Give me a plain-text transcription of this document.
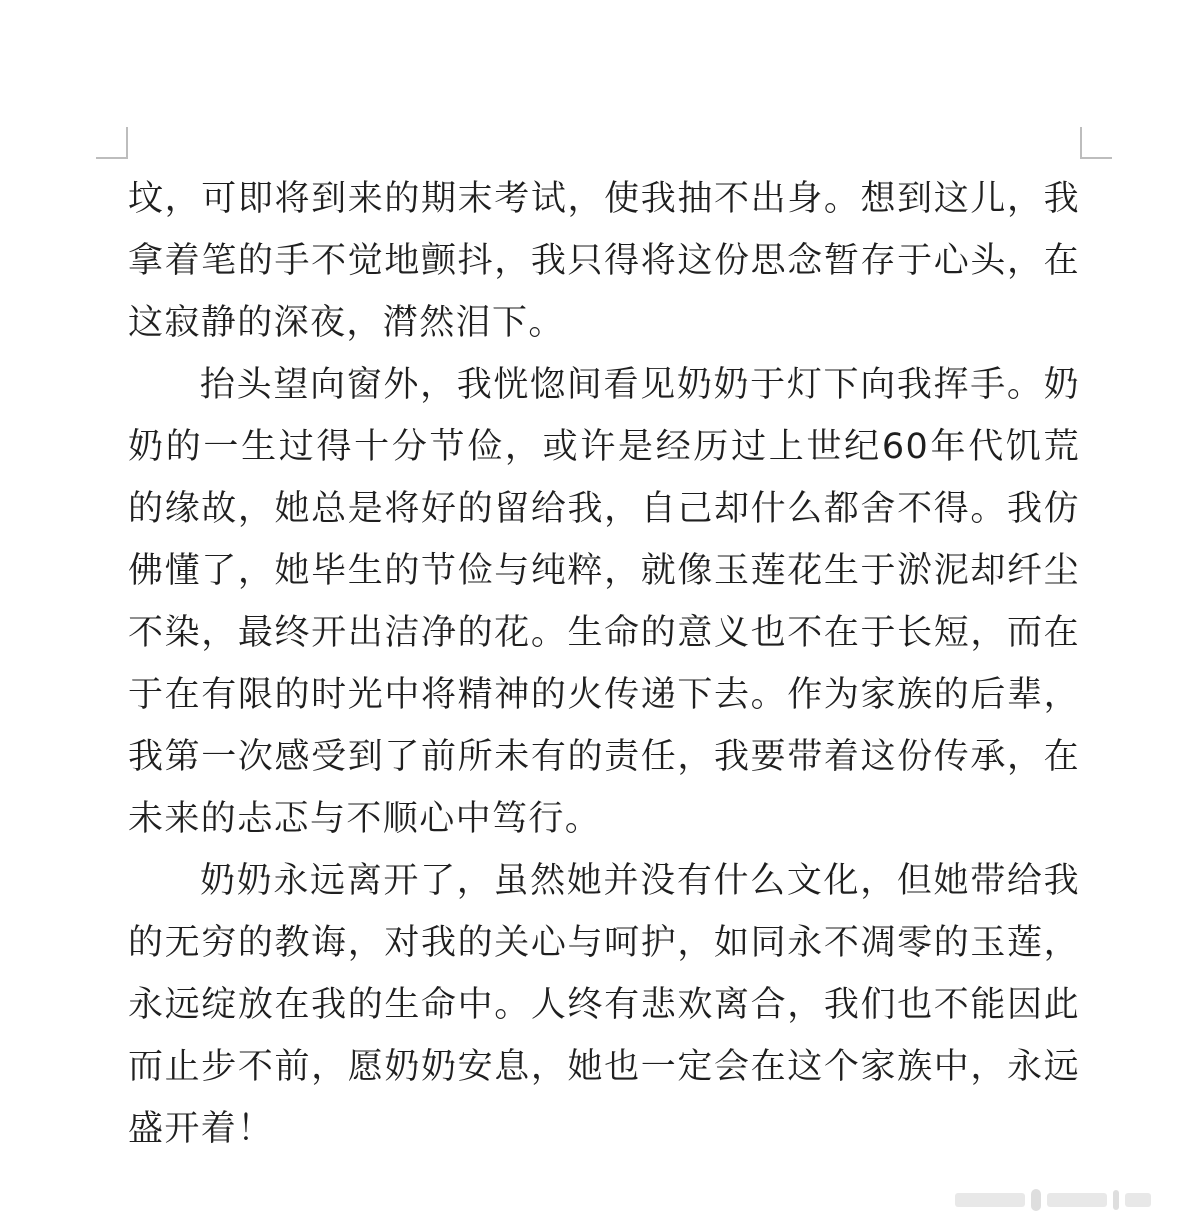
坟，可即将到来的期末考试，使我抽不出身。想到这儿，我拿着笔的手不觉地颤抖，我只得将这份思念暂存于心头，在这寂静的深夜，潸然泪下。

抬头望向窗外，我恍惚间看见奶奶于灯下向我挥手。奶奶的一生过得十分节俭，或许是经历过上世纪60年代饥荒的缘故，她总是将好的留给我，自己却什么都舍不得。我仿佛懂了，她毕生的节俭与纯粹，就像玉莲花生于淤泥却纤尘不染，最终开出洁净的花。生命的意义也不在于长短，而在于在有限的时光中将精神的火传递下去。作为家族的后辈，我第一次感受到了前所未有的责任，我要带着这份传承，在未来的忐忑与不顺心中笃行。

奶奶永远离开了，虽然她并没有什么文化，但她带给我的无穷的教诲，对我的关心与呵护，如同永不凋零的玉莲，永远绽放在我的生命中。人终有悲欢离合，我们也不能因此而止步不前，愿奶奶安息，她也一定会在这个家族中，永远盛开着！
